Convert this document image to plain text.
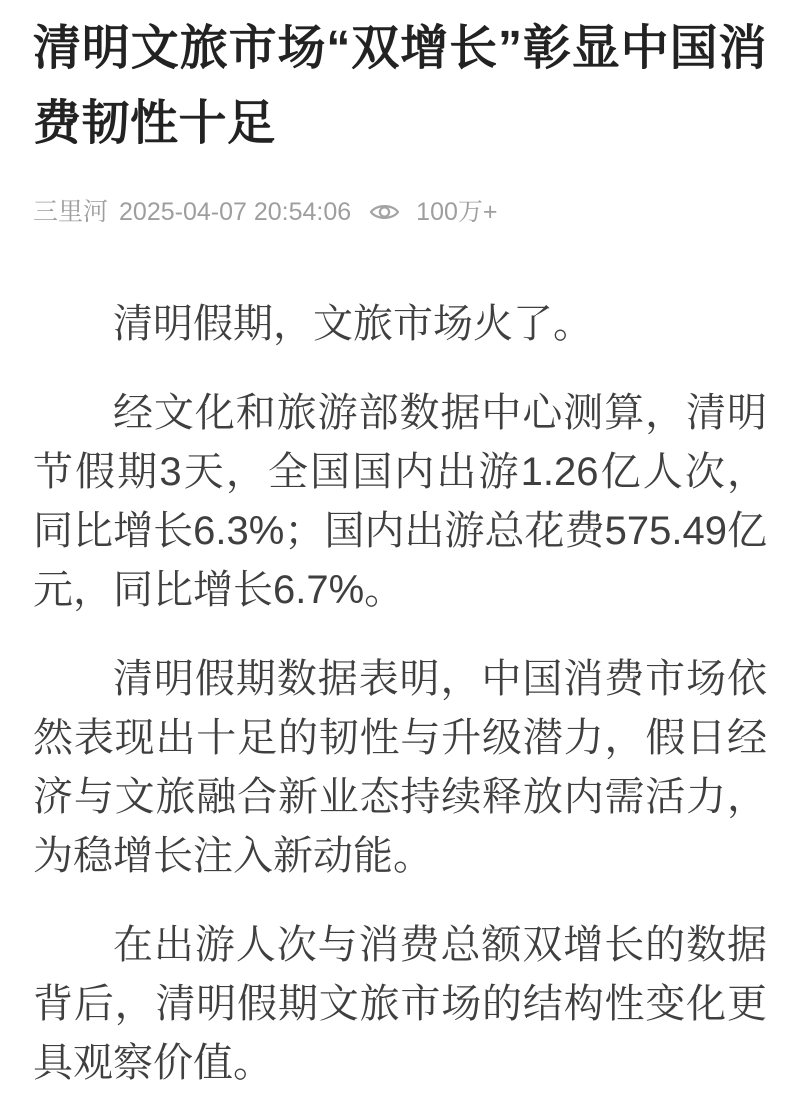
清明文旅市场“双增长”彰显中国消费韧性十足
三里河 2025-04-07 20:54:06	100万+

清明假期，文旅市场火了。

经文化和旅游部数据中心测算，清明节假期3天，全国国内出游1.26亿人次，同比增长6.3%；国内出游总花费575.49亿元，同比增长6.7%。

清明假期数据表明，中国消费市场依然表现出十足的韧性与升级潜力，假日经济与文旅融合新业态持续释放内需活力，为稳增长注入新动能。

在出游人次与消费总额双增长的数据背后，清明假期文旅市场的结构性变化更具观察价值。
